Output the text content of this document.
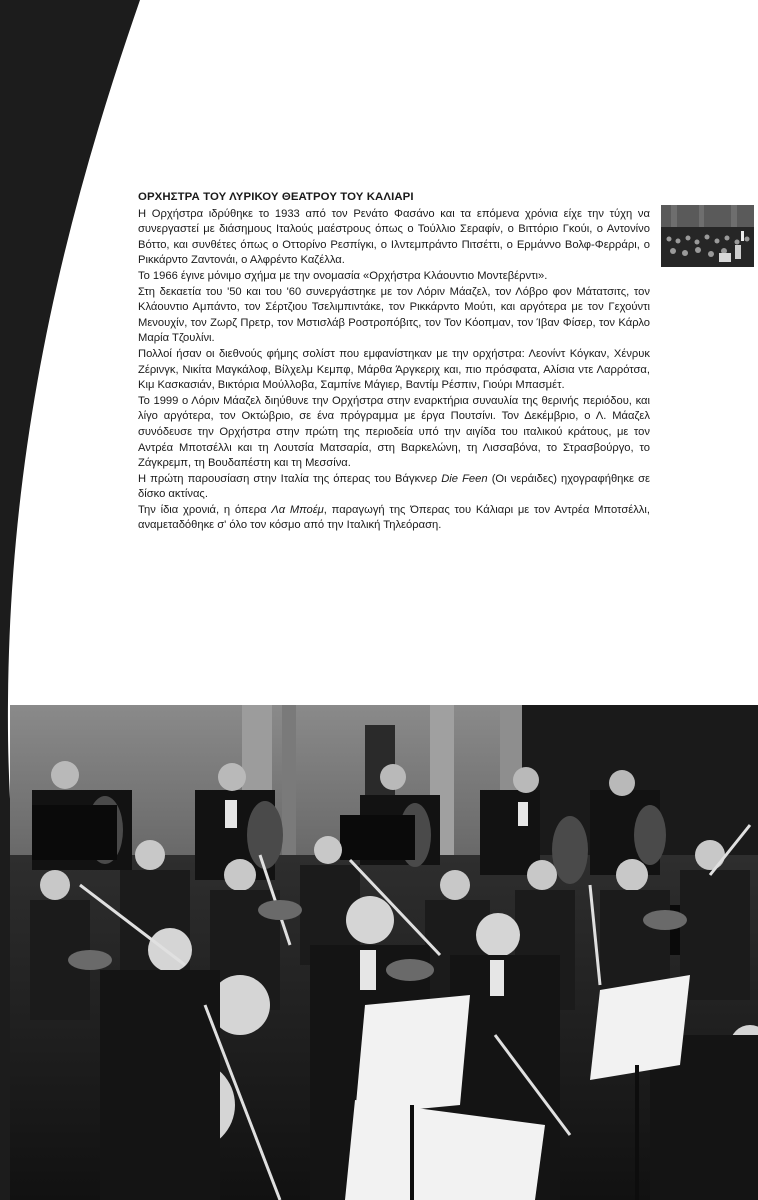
ΟΡΧΗΣΤΡΑ ΤΟΥ ΛΥΡΙΚΟΥ ΘΕΑΤΡΟΥ ΤΟΥ ΚΑΛΙΑΡΙ

Η Ορχήστρα ιδρύθηκε το 1933 από τον Ρενάτο Φασάνο και τα επόμενα χρόνια είχε την τύχη να συνεργαστεί με διάσημους Ιταλούς μαέστρους όπως ο Τούλλιο Σεραφίν, ο Βιττόριο Γκούι, ο Αντονίνο Βόττο, και συνθέτες όπως ο Οττορίνο Ρεσπίγκι, ο Ιλντεμπράντο Πιτσέττι, ο Ερμάννο Βολφ-Φερράρι, ο Ρικκάρντο Ζαντονάι, ο Αλφρέντο Καζέλλα.

Το 1966 έγινε μόνιμο σχήμα με την ονομασία «Ορχήστρα Κλάουντιο Μοντεβέρντι».

Στη δεκαετία του '50 και του '60 συνεργάστηκε με τον Λόριν Μάαζελ, τον Λόβρο φον Μάτατσιτς, τον Κλάουντιο Αμπάντο, τον Σέρτζιου Τσελιμπιντάκε, τον Ρικκάρντο Μούτι, και αργότερα με τον Γεχούντι Μενουχίν, τον Ζωρζ Πρετρ, τον Μστισλάβ Ροστροπόβιτς, τον Τον Κόοπμαν, τον Ίβαν Φίσερ, τον Κάρλο Μαρία Τζουλίνι.

Πολλοί ήσαν οι διεθνούς φήμης σολίστ που εμφανίστηκαν με την ορχήστρα: Λεονίντ Κόγκαν, Χένρυκ Ζέρινγκ, Νικίτα Μαγκάλοφ, Βίλχελμ Κεμπφ, Μάρθα Άργκεριχ και, πιο πρόσφατα, Αλίσια ντε Λαρρότσα, Κιμ Κασκασιάν, Βικτόρια Μούλλοβα, Σαμπίνε Μάγιερ, Βαντίμ Ρέσπιν, Γιούρι Μπασμέτ.

Το 1999 ο Λόριν Μάαζελ διηύθυνε την Ορχήστρα στην εναρκτήρια συναυλία της θερινής περιόδου, και λίγο αργότερα, τον Οκτώβριο, σε ένα πρόγραμμα με έργα Πουτσίνι. Τον Δεκέμβριο, ο Λ. Μάαζελ συνόδευσε την Ορχήστρα στην πρώτη της περιοδεία υπό την αιγίδα του ιταλικού κράτους, με τον Αντρέα Μποτσέλλι και τη Λουτσία Ματσαρία, στη Βαρκελώνη, τη Λισσαβόνα, το Στρασβούργο, το Ζάγκρεμπ, τη Βουδαπέστη και τη Μεσσίνα.

Η πρώτη παρουσίαση στην Ιταλία της όπερας του Βάγκνερ Die Feen (Οι νεράιδες) ηχογραφήθηκε σε δίσκο ακτίνας.

Την ίδια χρονιά, η όπερα Λα Μποέμ, παραγωγή της Όπερας του Κάλιαρι με τον Αντρέα Μποτσέλλι, αναμεταδόθηκε σ' όλο τον κόσμο από την Ιταλική Τηλεόραση.
